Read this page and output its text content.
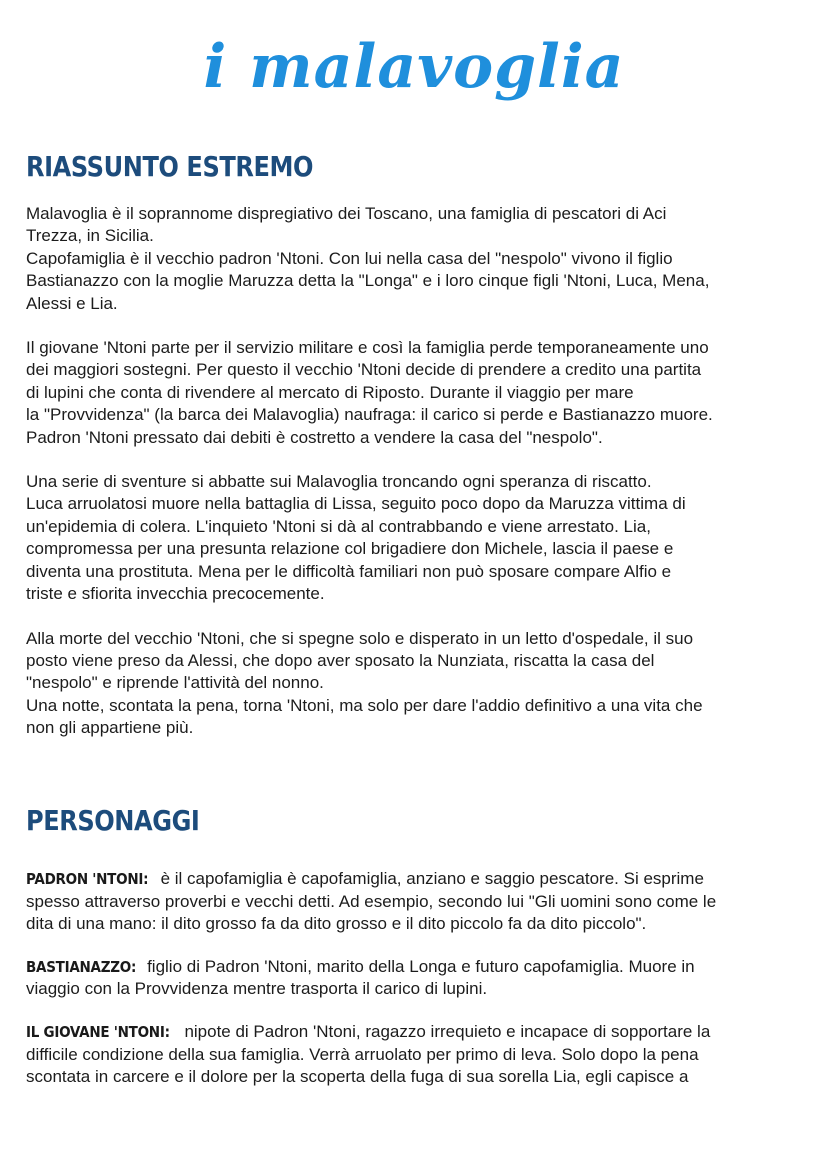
i malavoglia
RIASSUNTO ESTREMO

Malavoglia è il soprannome dispregiativo dei Toscano, una famiglia di pescatori di Aci
Trezza, in Sicilia.
Capofamiglia è il vecchio padron 'Ntoni. Con lui nella casa del "nespolo" vivono il figlio
Bastianazzo con la moglie Maruzza detta la "Longa" e i loro cinque figli 'Ntoni, Luca, Mena,
Alessi e Lia.

Il giovane 'Ntoni parte per il servizio militare e così la famiglia perde temporaneamente uno
dei maggiori sostegni. Per questo il vecchio 'Ntoni decide di prendere a credito una partita
di lupini che conta di rivendere al mercato di Riposto. Durante il viaggio per mare
la "Provvidenza" (la barca dei Malavoglia) naufraga: il carico si perde e Bastianazzo muore.
Padron 'Ntoni pressato dai debiti è costretto a vendere la casa del "nespolo".

Una serie di sventure si abbatte sui Malavoglia troncando ogni speranza di riscatto.
Luca arruolatosi muore nella battaglia di Lissa, seguito poco dopo da Maruzza vittima di
un'epidemia di colera. L'inquieto 'Ntoni si dà al contrabbando e viene arrestato. Lia,
compromessa per una presunta relazione col brigadiere don Michele, lascia il paese e
diventa una prostituta. Mena per le difficoltà familiari non può sposare compare Alfio e
triste e sfiorita invecchia precocemente.

Alla morte del vecchio 'Ntoni, che si spegne solo e disperato in un letto d'ospedale, il suo
posto viene preso da Alessi, che dopo aver sposato la Nunziata, riscatta la casa del
"nespolo" e riprende l'attività del nonno.
Una notte, scontata la pena, torna 'Ntoni, ma solo per dare l'addio definitivo a una vita che
non gli appartiene più.

PERSONAGGI

PADRON 'NTONI: è il capofamiglia è capofamiglia, anziano e saggio pescatore. Si esprime
spesso attraverso proverbi e vecchi detti. Ad esempio, secondo lui "Gli uomini sono come le
dita di una mano: il dito grosso fa da dito grosso e il dito piccolo fa da dito piccolo".

BASTIANAZZO: figlio di Padron 'Ntoni, marito della Longa e futuro capofamiglia. Muore in
viaggio con la Provvidenza mentre trasporta il carico di lupini.

IL GIOVANE 'NTONI: nipote di Padron 'Ntoni, ragazzo irrequieto e incapace di sopportare la
difficile condizione della sua famiglia. Verrà arruolato per primo di leva. Solo dopo la pena
scontata in carcere e il dolore per la scoperta della fuga di sua sorella Lia, egli capisce a
